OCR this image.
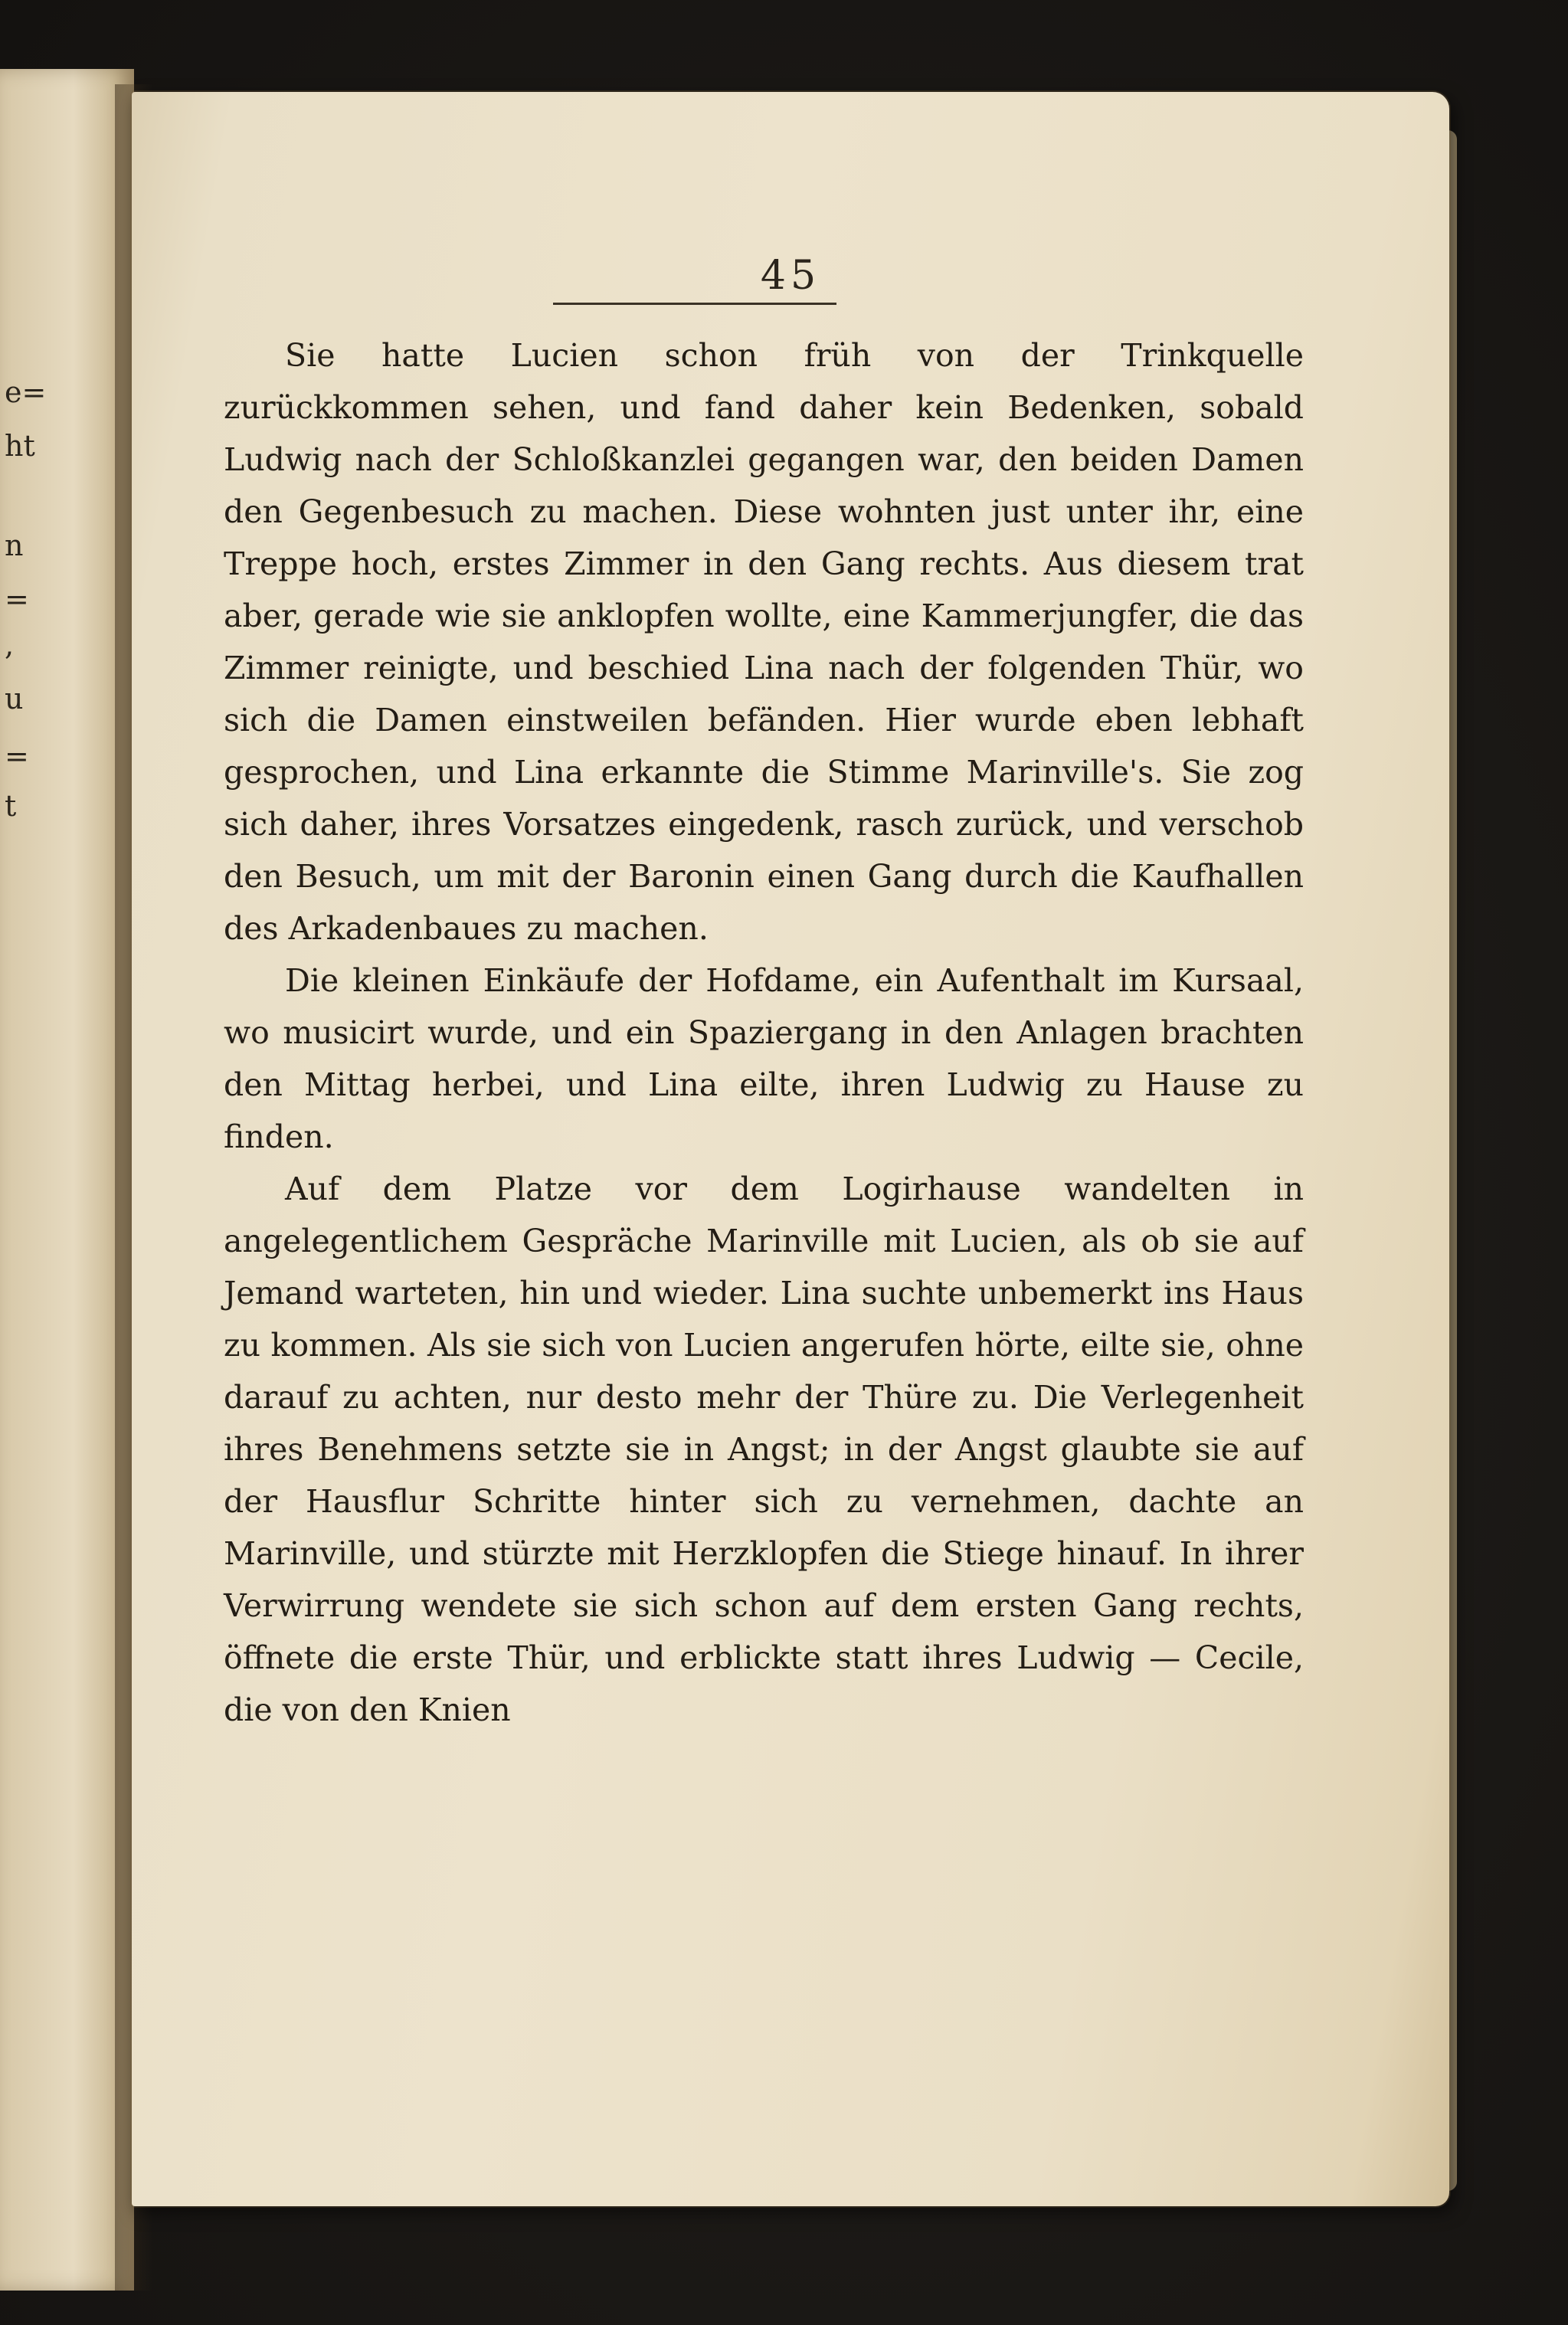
e=
ht
n
=
,
u
=
t
45

Sie hatte Lucien schon früh von der Trinkquelle zurückkommen sehen, und fand daher kein Bedenken, sobald Ludwig nach der Schloßkanzlei gegangen war, den beiden Damen den Gegenbesuch zu machen. Diese wohnten just unter ihr, eine Treppe hoch, erstes Zimmer in den Gang rechts. Aus diesem trat aber, gerade wie sie anklopfen wollte, eine Kammerjungfer, die das Zimmer reinigte, und beschied Lina nach der folgenden Thür, wo sich die Damen einstweilen befänden. Hier wurde eben lebhaft gesprochen, und Lina erkannte die Stimme Marinville's. Sie zog sich daher, ihres Vorsatzes eingedenk, rasch zurück, und verschob den Besuch, um mit der Baronin einen Gang durch die Kaufhallen des Arkadenbaues zu machen.

Die kleinen Einkäufe der Hofdame, ein Aufenthalt im Kursaal, wo musicirt wurde, und ein Spaziergang in den Anlagen brachten den Mittag herbei, und Lina eilte, ihren Ludwig zu Hause zu finden.

Auf dem Platze vor dem Logirhause wandelten in angelegentlichem Gespräche Marinville mit Lucien, als ob sie auf Jemand warteten, hin und wieder. Lina suchte unbemerkt ins Haus zu kommen. Als sie sich von Lucien angerufen hörte, eilte sie, ohne darauf zu achten, nur desto mehr der Thüre zu. Die Verlegenheit ihres Benehmens setzte sie in Angst; in der Angst glaubte sie auf der Hausflur Schritte hinter sich zu vernehmen, dachte an Marinville, und stürzte mit Herzklopfen die Stiege hinauf. In ihrer Verwirrung wendete sie sich schon auf dem ersten Gang rechts, öffnete die erste Thür, und erblickte statt ihres Ludwig — Cecile, die von den Knien
